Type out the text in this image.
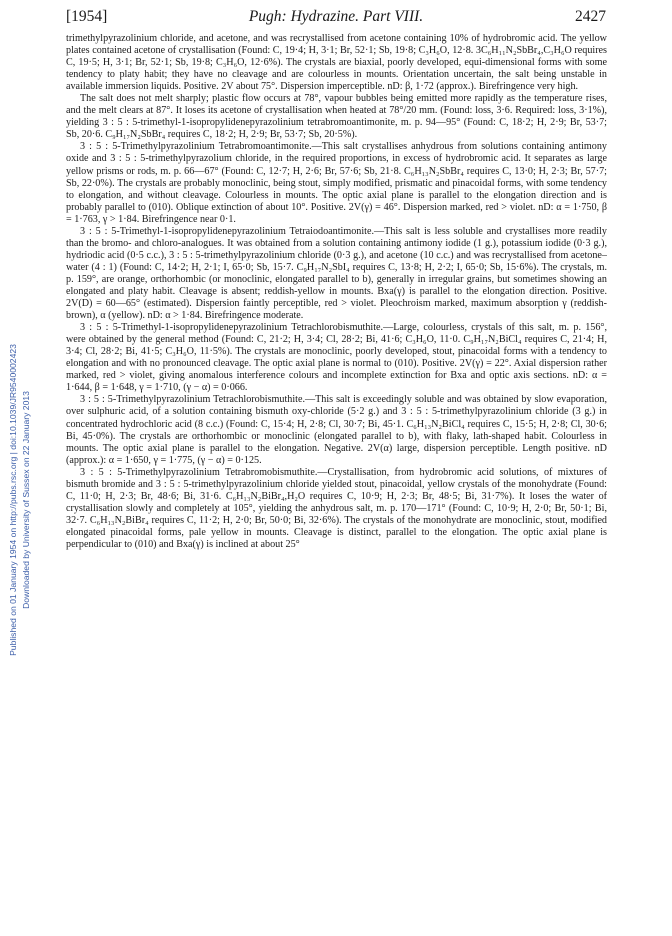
[1954]	Pugh: Hydrazine. Part VIII.	2427
Published on 01 January 1954 on http://pubs.rsc.org | doi:10.1039/JR9540002423 Downloaded by University of Sussex on 22 January 2013

trimethylpyrazolinium chloride, and acetone, and was recrystallised from acetone containing 10% of hydrobromic acid. The yellow plates contained acetone of crystallisation (Found: C, 19·4; H, 3·1; Br, 52·1; Sb, 19·8; C₃H₆O, 12·8. 3C₆H₁₁N₂SbBr₄,C₃H₆O requires C, 19·5; H, 3·1; Br, 52·1; Sb, 19·8; C₃H₆O, 12·6%). The crystals are biaxial, poorly developed, equi-dimensional forms with some tendency to platy habit; they have no cleavage and are colourless in mounts. Orientation uncertain, the salt being unstable in available immersion liquids. Positive. 2V about 75°. Dispersion imperceptible. nD: β, 1·72 (approx.). Birefringence very high.

The salt does not melt sharply; plastic flow occurs at 78°, vapour bubbles being emitted more rapidly as the temperature rises, and the melt clears at 87°. It loses its acetone of crystallisation when heated at 78°/20 mm. (Found: loss, 3·6. Required: loss, 3·1%), yielding 3 : 5 : 5-trimethyl-1-isopropylidenepyrazolinium tetrabromoantimonite, m. p. 94—95° (Found: C, 18·2; H, 2·9; Br, 53·7; Sb, 20·6. C₉H₁₇N₂SbBr₄ requires C, 18·2; H, 2·9; Br, 53·7; Sb, 20·5%).

3 : 5 : 5-Trimethylpyrazolinium Tetrabromoantimonite.—This salt crystallises anhydrous from solutions containing antimony oxide and 3 : 5 : 5-trimethylpyrazolium chloride, in the required proportions, in excess of hydrobromic acid. It separates as large yellow prisms or rods, m. p. 66—67° (Found: C, 12·7; H, 2·6; Br, 57·6; Sb, 21·8. C₆H₁₃N₂SbBr₄ requires C, 13·0; H, 2·3; Br, 57·7; Sb, 22·0%). The crystals are probably monoclinic, being stout, simply modified, prismatic and pinacoidal forms, with some tendency to elongation, and without cleavage. Colourless in mounts. The optic axial plane is parallel to the elongation direction and is probably parallel to (010). Oblique extinction of about 10°. Positive. 2V(γ) = 46°. Dispersion marked, red > violet. nD: α = 1·750, β = 1·763, γ > 1·84. Birefringence near 0·1.

3 : 5 : 5-Trimethyl-1-isopropylidenepyrazolinium Tetraiodoantimonite.—This salt is less soluble and crystallises more readily than the bromo- and chloro-analogues. It was obtained from a solution containing antimony iodide (1 g.), potassium iodide (0·3 g.), hydriodic acid (0·5 c.c.), 3 : 5 : 5-trimethylpyrazolinium chloride (0·3 g.), and acetone (10 c.c.) and was recrystallised from acetone–water (4 : 1) (Found: C, 14·2; H, 2·1; I, 65·0; Sb, 15·7. C₉H₁₇N₂SbI₄ requires C, 13·8; H, 2·2; I, 65·0; Sb, 15·6%). The crystals, m. p. 159°, are orange, orthorhombic (or monoclinic, elongated parallel to b), generally in irregular grains, but sometimes showing an elongated and platy habit. Cleavage is absent; reddish-yellow in mounts. Bxa(γ) is parallel to the elongation direction. Positive. 2V(D) = 60—65° (estimated). Dispersion faintly perceptible, red > violet. Pleochroism marked, maximum absorption γ (reddish-brown), α (yellow). nD: α > 1·84. Birefringence moderate.

3 : 5 : 5-Trimethyl-1-isopropylidenepyrazolinium Tetrachlorobismuthite.—Large, colourless, crystals of this salt, m. p. 156°, were obtained by the general method (Found: C, 21·2; H, 3·4; Cl, 28·2; Bi, 41·6; C₃H₆O, 11·0. C₉H₁₇N₂BiCl₄ requires C, 21·4; H, 3·4; Cl, 28·2; Bi, 41·5; C₃H₆O, 11·5%). The crystals are monoclinic, poorly developed, stout, pinacoidal forms with a tendency to elongation and with no pronounced cleavage. The optic axial plane is normal to (010). Positive. 2V(γ) = 22°. Axial dispersion rather marked, red > violet, giving anomalous interference colours and incomplete extinction for Bxa and optic axis sections. nD: α = 1·644, β = 1·648, γ = 1·710, (γ − α) = 0·066.

3 : 5 : 5-Trimethylpyrazolinium Tetrachlorobismuthite.—This salt is exceedingly soluble and was obtained by slow evaporation, over sulphuric acid, of a solution containing bismuth oxy-chloride (5·2 g.) and 3 : 5 : 5-trimethylpyrazolinium chloride (3 g.) in concentrated hydrochloric acid (8 c.c.) (Found: C, 15·4; H, 2·8; Cl, 30·7; Bi, 45·1. C₆H₁₃N₂BiCl₄ requires C, 15·5; H, 2·8; Cl, 30·6; Bi, 45·0%). The crystals are orthorhombic or monoclinic (elongated parallel to b), with flaky, lath-shaped habit. Colourless in mounts. The optic axial plane is parallel to the elongation. Negative. 2V(α) large, dispersion perceptible. Length positive. nD (approx.): α = 1·650, γ = 1·775, (γ − α) = 0·125.

3 : 5 : 5-Trimethylpyrazolinium Tetrabromobismuthite.—Crystallisation, from hydrobromic acid solutions, of mixtures of bismuth bromide and 3 : 5 : 5-trimethylpyrazolinium chloride yielded stout, pinacoidal, yellow crystals of the monohydrate (Found: C, 11·0; H, 2·3; Br, 48·6; Bi, 31·6. C₆H₁₃N₂BiBr₄,H₂O requires C, 10·9; H, 2·3; Br, 48·5; Bi, 31·7%). It loses the water of crystallisation slowly and completely at 105°, yielding the anhydrous salt, m. p. 170—171° (Found: C, 10·9; H, 2·0; Br, 50·1; Bi, 32·7. C₆H₁₃N₂BiBr₄ requires C, 11·2; H, 2·0; Br, 50·0; Bi, 32·6%). The crystals of the monohydrate are monoclinic, stout, modified elongated pinacoidal forms, pale yellow in mounts. Cleavage is distinct, parallel to the elongation. The optic axial plane is perpendicular to (010) and Bxa(γ) is inclined at about 25°
